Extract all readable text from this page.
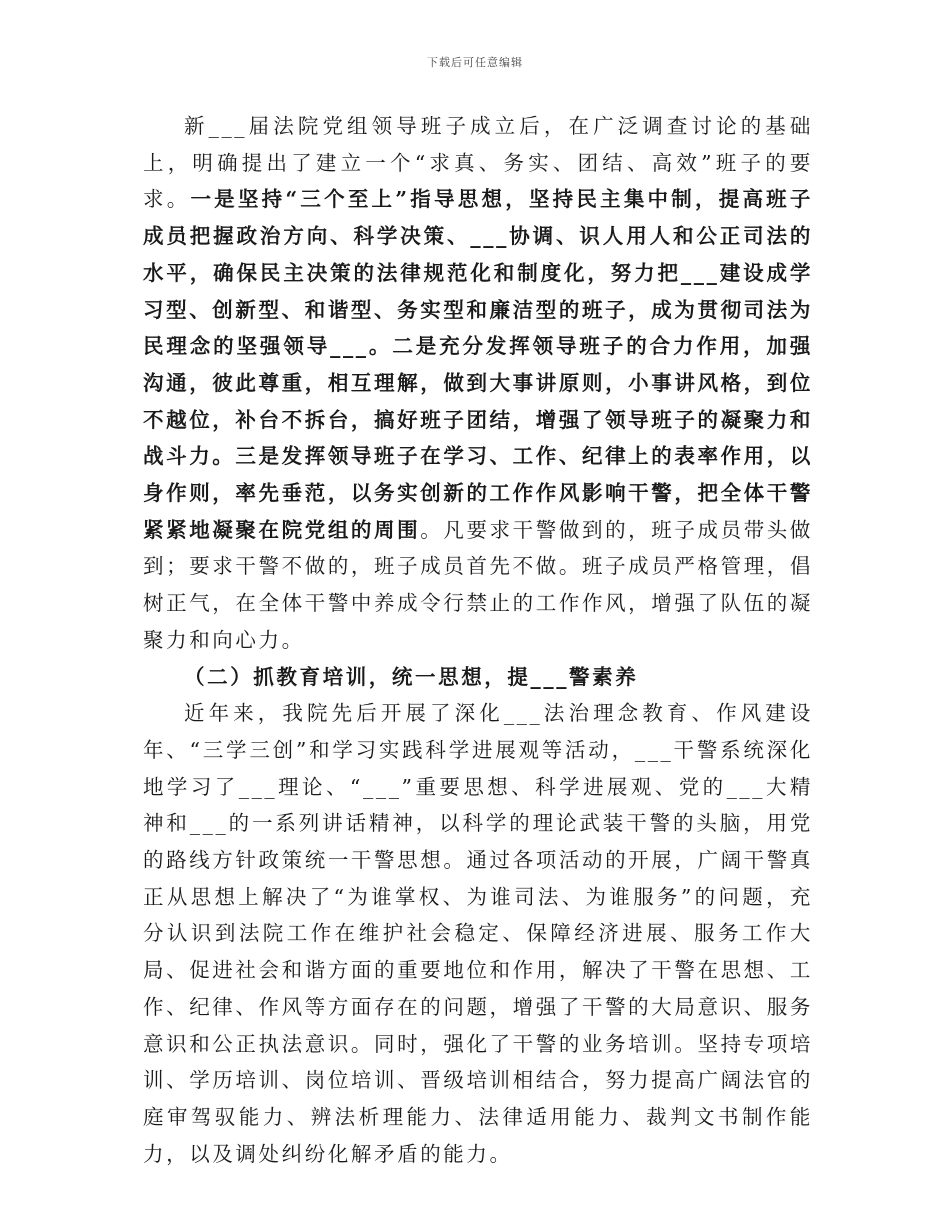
下载后可任意编辑

新___届法院党组领导班子成立后，在广泛调查讨论的基础上，明确提出了建立一个“求真、务实、团结、高效”班子的要求。一是坚持“三个至上”指导思想，坚持民主集中制，提高班子成员把握政治方向、科学决策、___协调、识人用人和公正司法的水平，确保民主决策的法律规范化和制度化，努力把___建设成学习型、创新型、和谐型、务实型和廉洁型的班子，成为贯彻司法为民理念的坚强领导___。二是充分发挥领导班子的合力作用，加强沟通，彼此尊重，相互理解，做到大事讲原则，小事讲风格，到位不越位，补台不拆台，搞好班子团结，增强了领导班子的凝聚力和战斗力。三是发挥领导班子在学习、工作、纪律上的表率作用，以身作则，率先垂范，以务实创新的工作作风影响干警，把全体干警紧紧地凝聚在院党组的周围。凡要求干警做到的，班子成员带头做到；要求干警不做的，班子成员首先不做。班子成员严格管理，倡树正气，在全体干警中养成令行禁止的工作作风，增强了队伍的凝聚力和向心力。

（二）抓教育培训，统一思想，提___警素养

近年来，我院先后开展了深化___法治理念教育、作风建设年、“三学三创”和学习实践科学进展观等活动，___干警系统深化地学习了___理论、“___”重要思想、科学进展观、党的___大精神和___的一系列讲话精神，以科学的理论武装干警的头脑，用党的路线方针政策统一干警思想。通过各项活动的开展，广阔干警真正从思想上解决了“为谁掌权、为谁司法、为谁服务”的问题，充分认识到法院工作在维护社会稳定、保障经济进展、服务工作大局、促进社会和谐方面的重要地位和作用，解决了干警在思想、工作、纪律、作风等方面存在的问题，增强了干警的大局意识、服务意识和公正执法意识。同时，强化了干警的业务培训。坚持专项培训、学历培训、岗位培训、晋级培训相结合，努力提高广阔法官的庭审驾驭能力、辨法析理能力、法律适用能力、裁判文书制作能力，以及调处纠纷化解矛盾的能力。
